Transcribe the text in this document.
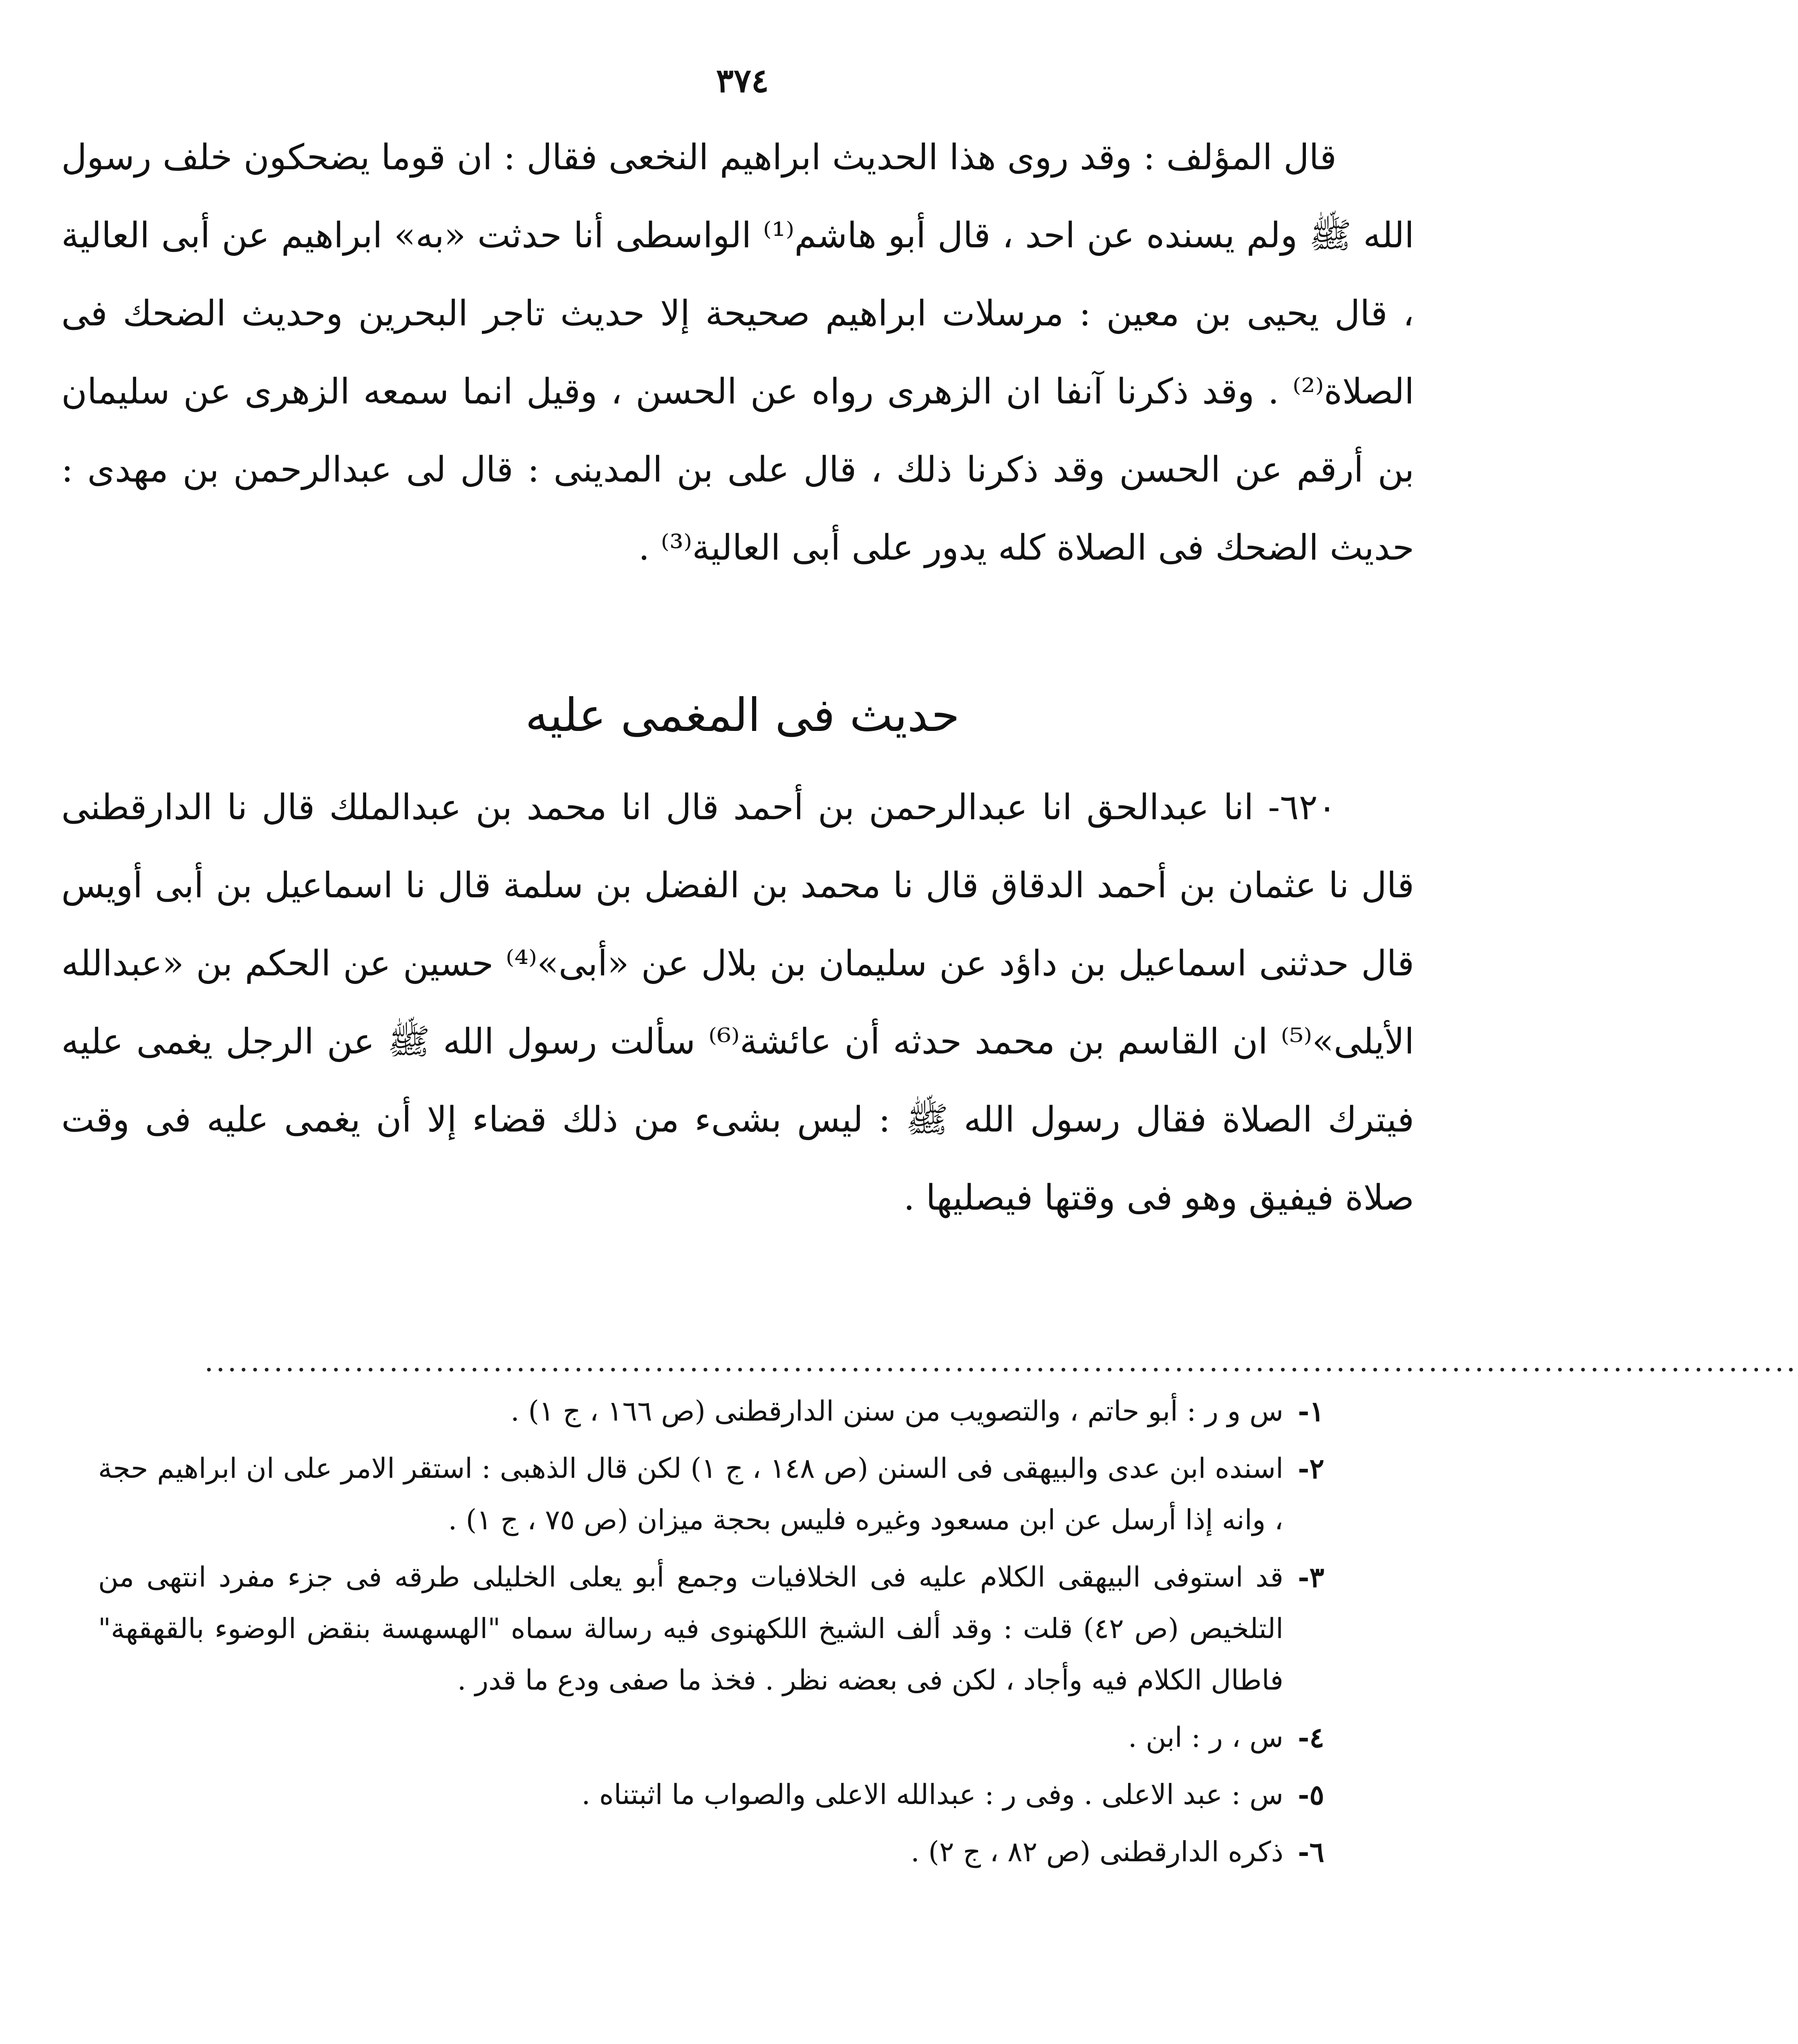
٣٧٤

قال المؤلف : وقد روى هذا الحديث ابراهيم النخعى فقال : ان قوما يضحكون خلف رسول الله ﷺ ولم يسنده عن احد ، قال أبو هاشم⁽¹⁾ الواسطى أنا حدثت «به» ابراهيم عن أبى العالية ، قال يحيى بن معين : مرسلات ابراهيم صحيحة إلا حديث تاجر البحرين وحديث الضحك فى الصلاة⁽²⁾ . وقد ذكرنا آنفا ان الزهرى رواه عن الحسن ، وقيل انما سمعه الزهرى عن سليمان بن أرقم عن الحسن وقد ذكرنا ذلك ، قال على بن المدينى : قال لى عبدالرحمن بن مهدى : حديث الضحك فى الصلاة كله يدور على أبى العالية⁽³⁾ .

حديث فى المغمى عليه

٦٢٠- انا عبدالحق انا عبدالرحمن بن أحمد قال انا محمد بن عبدالملك قال نا الدارقطنى قال نا عثمان بن أحمد الدقاق قال نا محمد بن الفضل بن سلمة قال نا اسماعيل بن أبى أويس قال حدثنى اسماعيل بن داؤد عن سليمان بن بلال عن «أبى»⁽⁴⁾ حسين عن الحكم بن «عبدالله الأيلى»⁽⁵⁾ ان القاسم بن محمد حدثه أن عائشة⁽⁶⁾ سألت رسول الله ﷺ عن الرجل يغمى عليه فيترك الصلاة فقال رسول الله ﷺ : ليس بشىء من ذلك قضاء إلا أن يغمى عليه فى وقت صلاة فيفيق وهو فى وقتها فيصليها .

..........................................................................................................................................
١-
س و ر : أبو حاتم ، والتصويب من سنن الدارقطنى (ص ١٦٦ ، ج ١) .
٢-
اسنده ابن عدى والبيهقى فى السنن (ص ١٤٨ ، ج ١) لكن قال الذهبى : استقر الامر على ان ابراهيم حجة ، وانه إذا أرسل عن ابن مسعود وغيره فليس بحجة ميزان (ص ٧٥ ، ج ١) .
٣-
قد استوفى البيهقى الكلام عليه فى الخلافيات وجمع أبو يعلى الخليلى طرقه فى جزء مفرد انتهى من التلخيص (ص ٤٢) قلت : وقد ألف الشيخ اللكهنوى فيه رسالة سماه "الهسهسة بنقض الوضوء بالقهقهة" فاطال الكلام فيه وأجاد ، لكن فى بعضه نظر . فخذ ما صفى ودع ما قدر .
٤-
س ، ر : ابن .
٥-
س : عبد الاعلى . وفى ر : عبدالله الاعلى والصواب ما اثبتناه .
٦-
ذكره الدارقطنى (ص ٨٢ ، ج ٢) .
